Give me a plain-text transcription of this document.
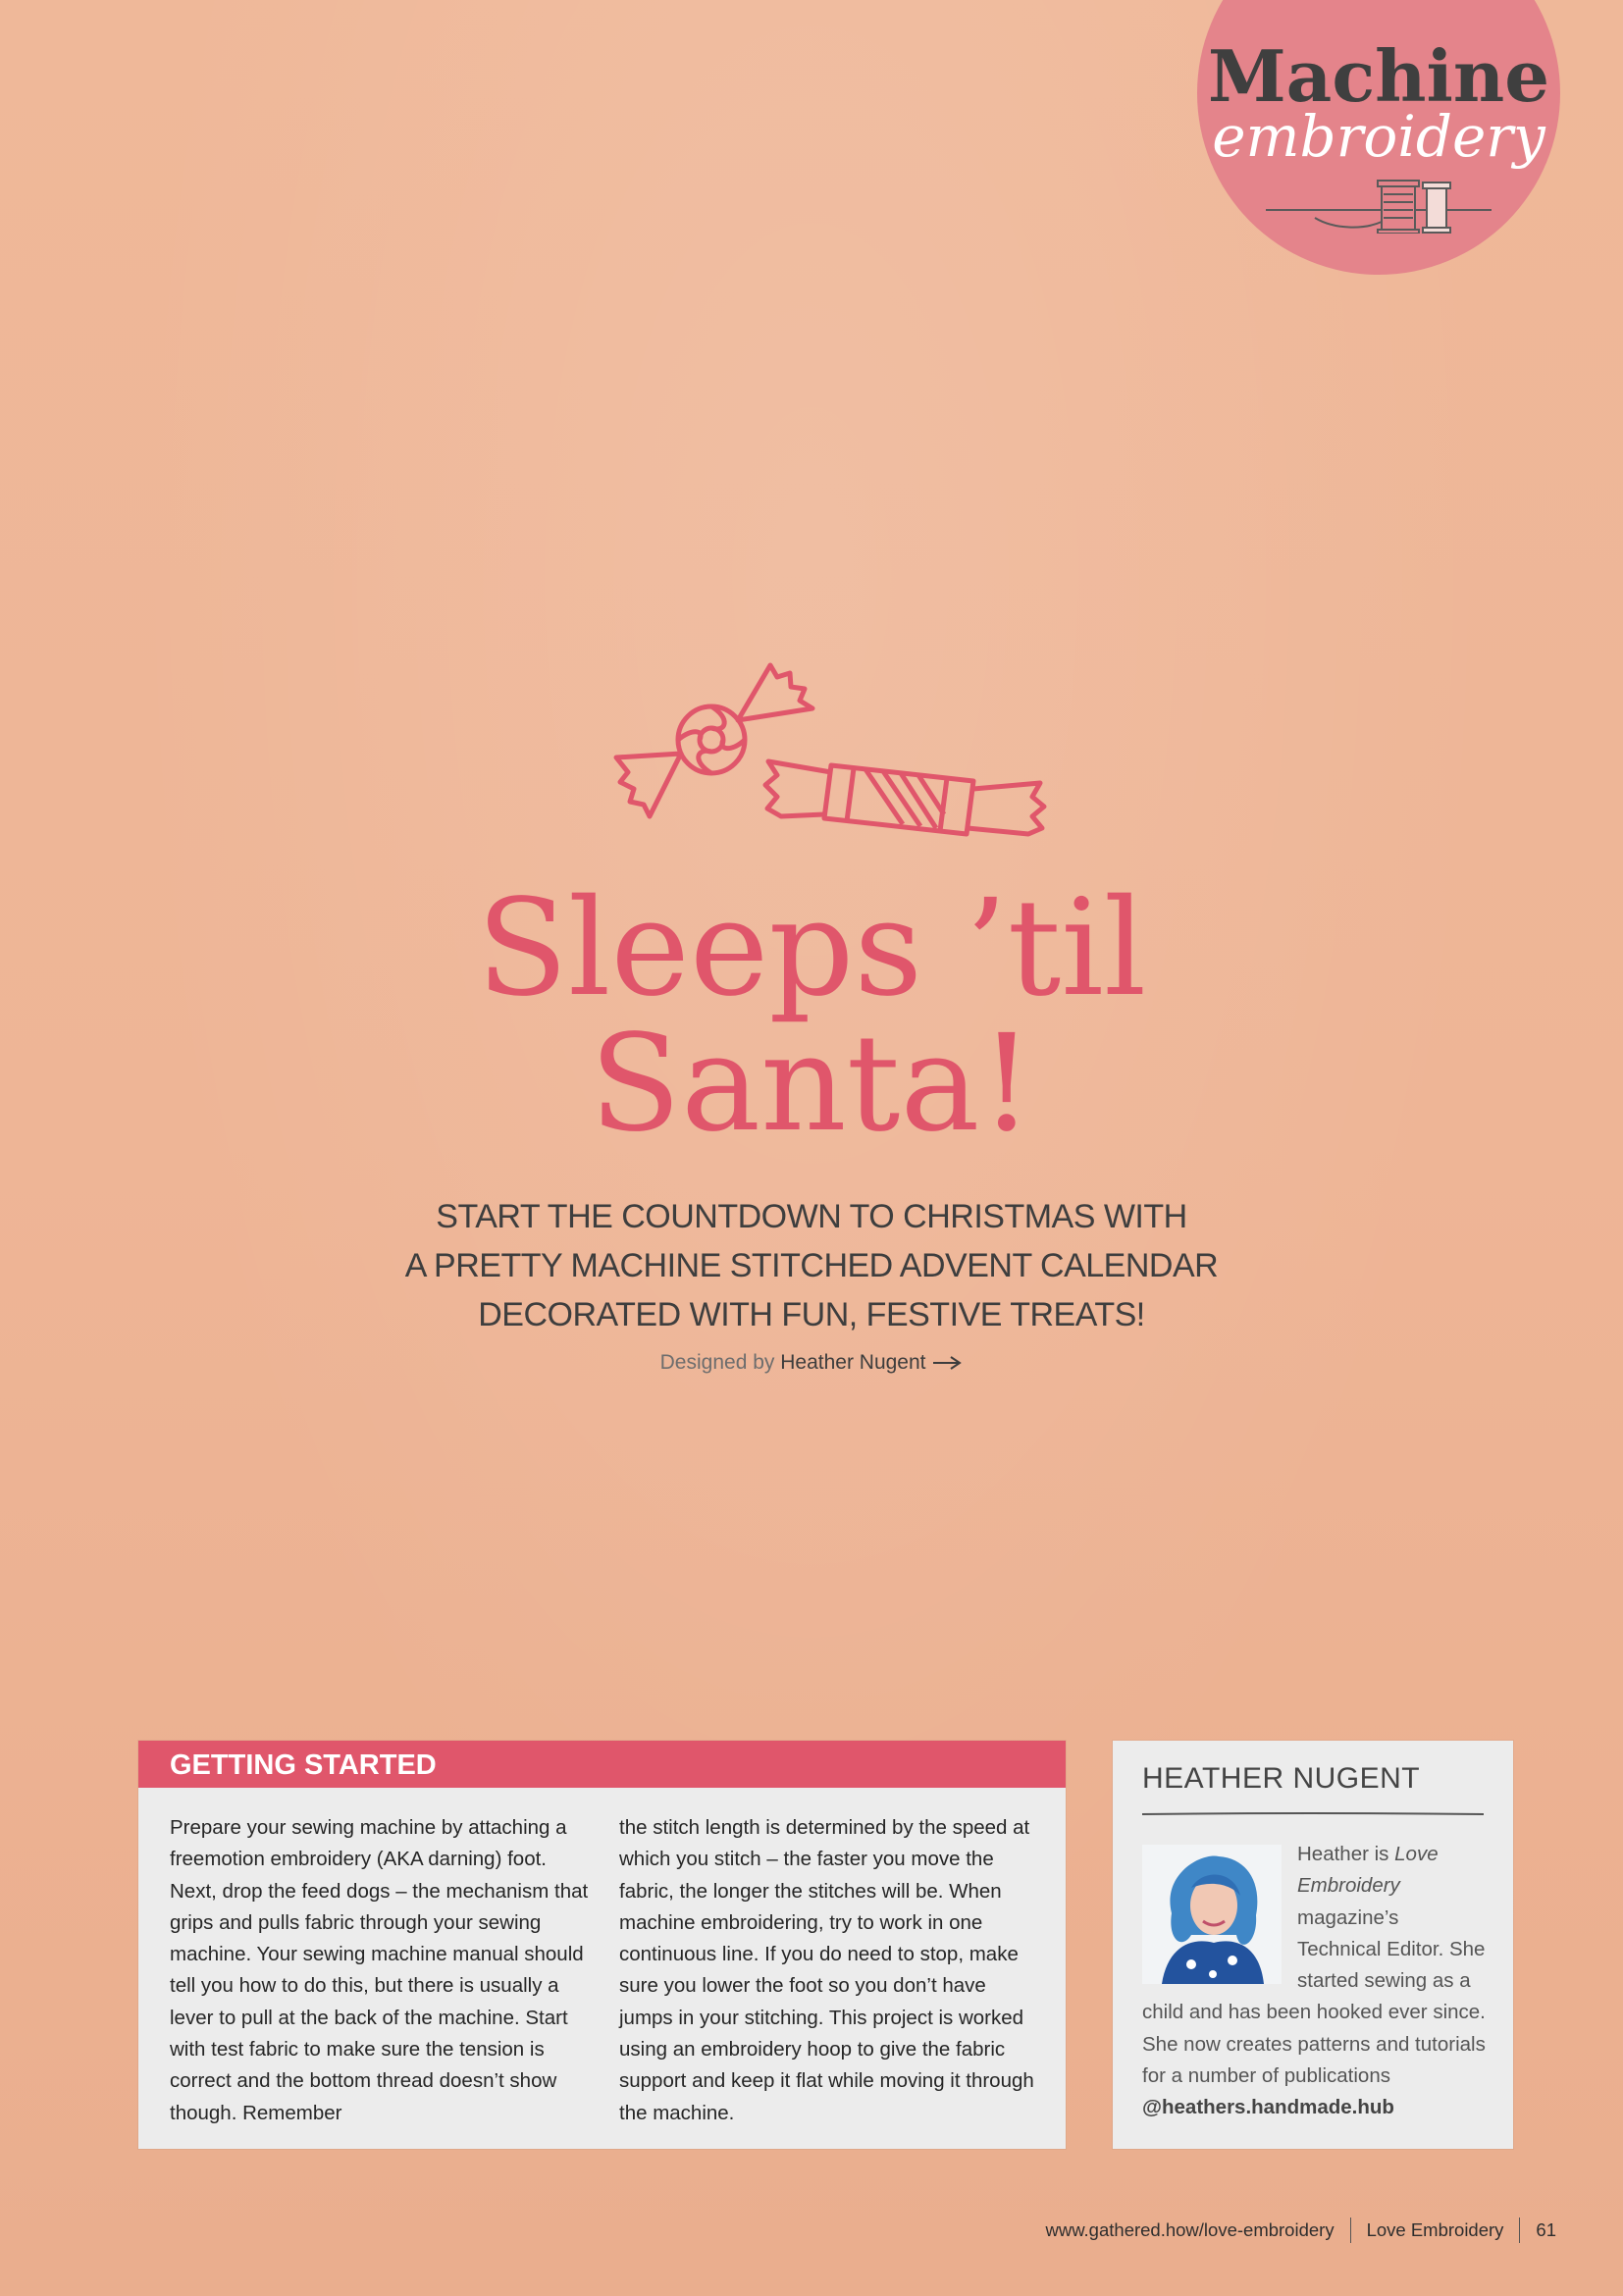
Machine
embroidery
Sleeps ’til
Santa!

START THE COUNTDOWN TO CHRISTMAS WITH
A PRETTY MACHINE STITCHED ADVENT CALENDAR
DECORATED WITH FUN, FESTIVE TREATS!

Designed by Heather Nugent
GETTING STARTED
Prepare your sewing machine by attaching a freemotion embroidery (AKA darning) foot. Next, drop the feed dogs – the mechanism that grips and pulls fabric through your sewing machine. Your sewing machine manual should tell you how to do this, but there is usually a lever to pull at the back of the machine. Start with test fabric to make sure the tension is correct and the bottom thread doesn’t show though. Remember
the stitch length is determined by the speed at which you stitch – the faster you move the fabric, the longer the stitches will be. When machine embroidering, try to work in one continuous line. If you do need to stop, make sure you lower the foot so you don’t have jumps in your stitching. This project is worked using an embroidery hoop to give the fabric support and keep it flat while moving it through the machine.
HEATHER NUGENT
Heather is Love Embroidery magazine’s Technical Editor. She started sewing as a child and has been hooked ever since. She now creates patterns and tutorials for a number of publications
@heathers.handmade.hub
www.gathered.how/love-embroidery Love Embroidery 61
